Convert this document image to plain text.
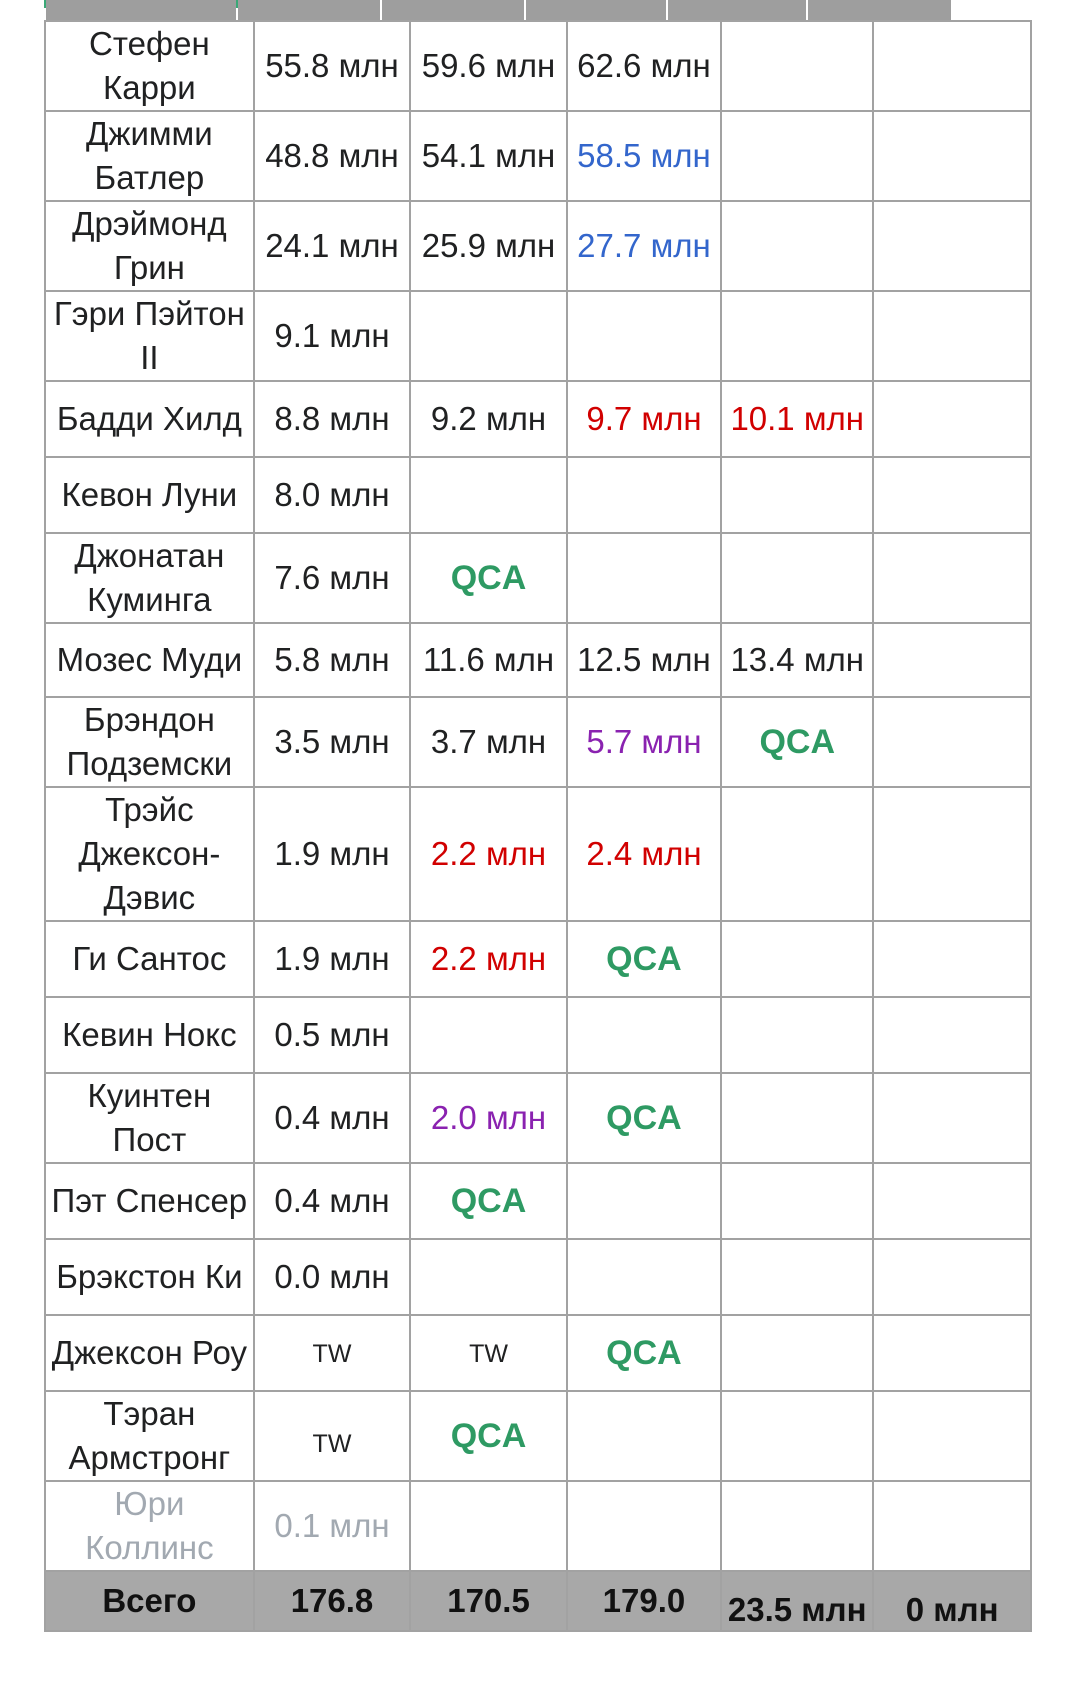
Стефен Карри	55.8 млн	59.6 млн	62.6 млн		
Джимми Батлер	48.8 млн	54.1 млн	58.5 млн		
Дрэймонд Грин	24.1 млн	25.9 млн	27.7 млн		
Гэри Пэйтон II	9.1 млн				
Бадди Хилд	8.8 млн	9.2 млн	9.7 млн	10.1 млн	
Кевон Луни	8.0 млн				
Джонатан Куминга	7.6 млн	QCA			
Мозес Муди	5.8 млн	11.6 млн	12.5 млн	13.4 млн	
Брэндон Подземски	3.5 млн	3.7 млн	5.7 млн	QCA	
Трэйс Джексон-Дэвис	1.9 млн	2.2 млн	2.4 млн		
Ги Сантос	1.9 млн	2.2 млн	QCA		
Кевин Нокс	0.5 млн				
Куинтен Пост	0.4 млн	2.0 млн	QCA		
Пэт Спенсер	0.4 млн	QCA			
Брэкстон Ки	0.0 млн				
Джексон Роу	TW	TW	QCA		
Тэран Армстронг	TW	QCA			
Юри Коллинс	0.1 млн				
Всего	176.8	170.5	179.0	23.5 млн	0 млн
